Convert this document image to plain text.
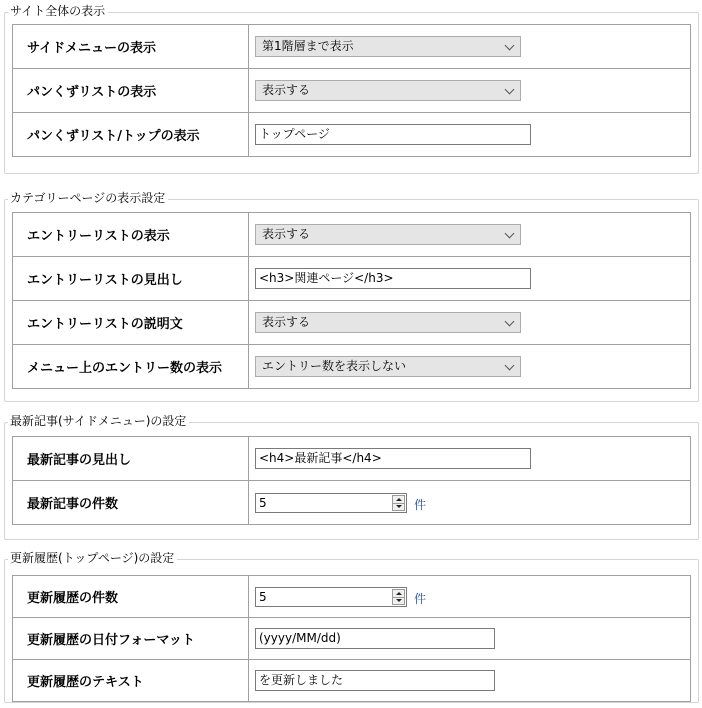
サイト全体の表示
サイドメニューの表示	第1階層まで表示

パンくずリストの表示	表示する

パンくずリスト/トップの表示	トップページ
カテゴリーページの表示設定
エントリーリストの表示	表示する

エントリーリストの見出し	<h3>関連ページ</h3>

エントリーリストの説明文	表示する

メニュー上のエントリー数の表示	エントリー数を表示しない
最新記事(サイドメニュー)の設定
最新記事の見出し	<h4>最新記事</h4>

最新記事の件数	5 件
更新履歴(トップページ)の設定
更新履歴の件数	5 件

更新履歴の日付フォーマット	(yyyy/MM/dd)

更新履歴のテキスト	を更新しました
